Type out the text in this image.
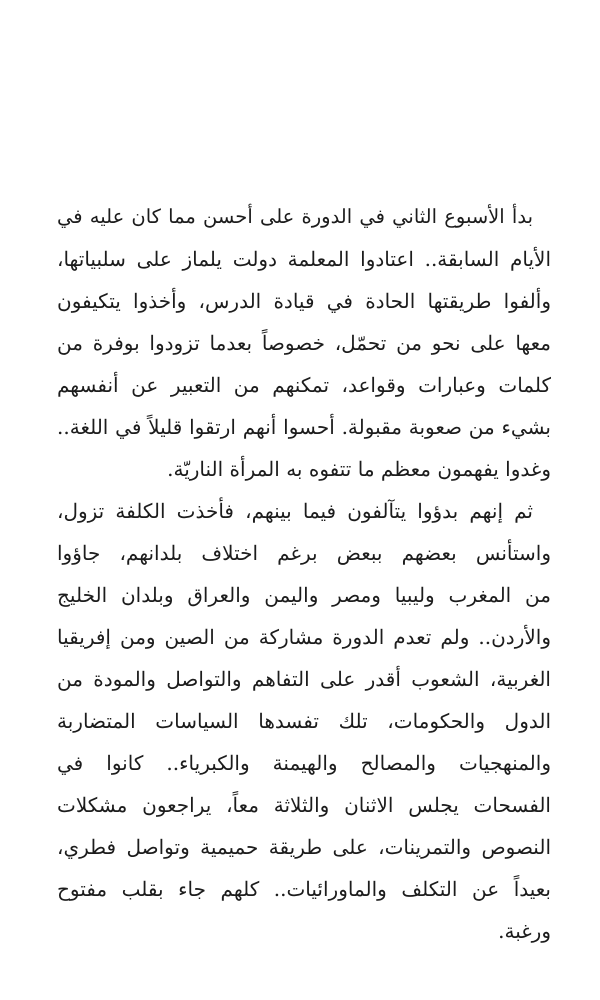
بدأ الأسبوع الثاني في الدورة على أحسن مما كان عليه في
الأيام السابقة.. اعتادوا المعلمة دولت يلماز على سلبياتها،
وألفوا طريقتها الحادة في قيادة الدرس، وأخذوا يتكيفون
معها على نحو من تحمّل، خصوصاً بعدما تزودوا بوفرة من
كلمات وعبارات وقواعد، تمكنهم من التعبير عن أنفسهم
بشيء من صعوبة مقبولة. أحسوا أنهم ارتقوا قليلاً في اللغة..
وغدوا يفهمون معظم ما تتفوه به المرأة الناريّة.
ثم إنهم بدؤوا يتآلفون فيما بينهم، فأخذت الكلفة تزول،
واستأنس بعضهم ببعض برغم اختلاف بلدانهم، جاؤوا
من المغرب وليبيا ومصر واليمن والعراق وبلدان الخليج
والأردن.. ولم تعدم الدورة مشاركة من الصين ومن إفريقيا
الغربية، الشعوب أقدر على التفاهم والتواصل والمودة من
الدول والحكومات، تلك تفسدها السياسات المتضاربة
والمنهجيات والمصالح والهيمنة والكبرياء.. كانوا في
الفسحات يجلس الاثنان والثلاثة معاً، يراجعون مشكلات
النصوص والتمرينات، على طريقة حميمية وتواصل فطري،
بعيداً عن التكلف والماورائيات.. كلهم جاء بقلب مفتوح
ورغبة.
